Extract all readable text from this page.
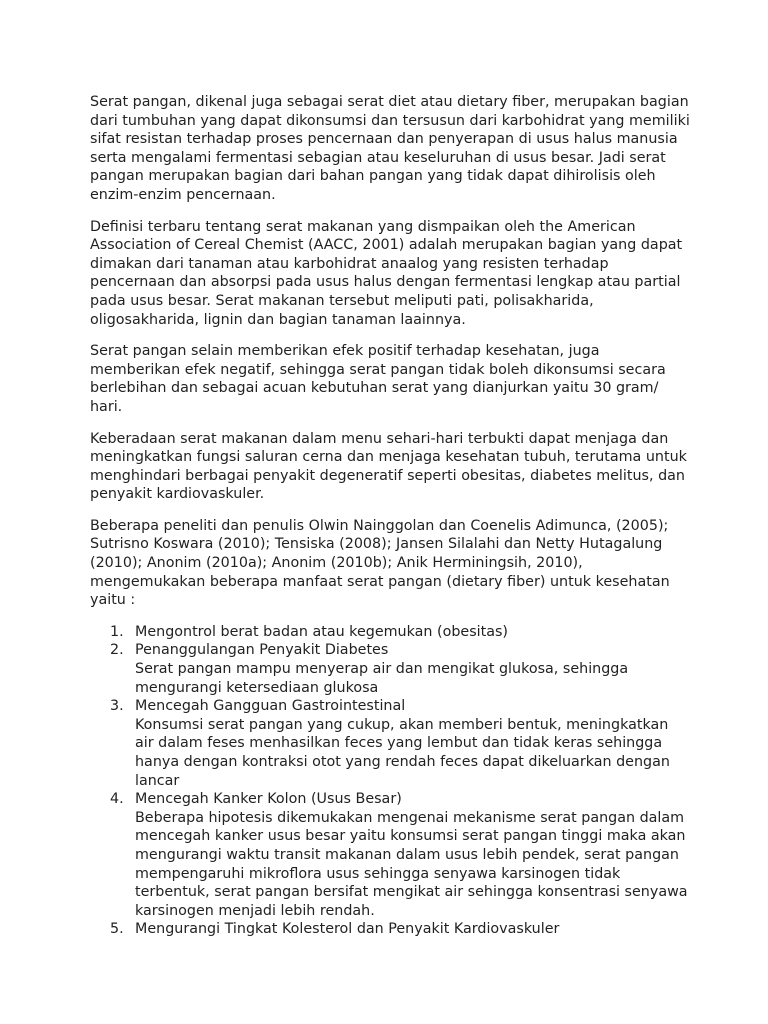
Serat pangan, dikenal juga sebagai serat diet atau dietary fiber, merupakan bagian dari tumbuhan yang dapat dikonsumsi dan tersusun dari karbohidrat yang memiliki sifat resistan terhadap proses pencernaan dan penyerapan di usus halus manusia serta mengalami fermentasi sebagian atau keseluruhan di usus besar. Jadi serat pangan merupakan bagian dari bahan pangan yang tidak dapat dihirolisis oleh enzim-enzim pencernaan.

Definisi terbaru tentang serat makanan yang dismpaikan oleh the American Association of Cereal Chemist (AACC, 2001) adalah merupakan bagian yang dapat dimakan dari tanaman atau karbohidrat anaalog yang resisten terhadap pencernaan dan absorpsi pada usus halus dengan fermentasi lengkap atau partial pada usus besar. Serat makanan tersebut meliputi pati, polisakharida, oligosakharida, lignin dan bagian tanaman laainnya.

Serat pangan selain memberikan efek positif terhadap kesehatan, juga memberikan efek negatif, sehingga serat pangan tidak boleh dikonsumsi secara berlebihan dan sebagai acuan kebutuhan serat yang dianjurkan yaitu 30 gram/ hari.

Keberadaan serat makanan dalam menu sehari-hari terbukti dapat menjaga dan meningkatkan fungsi saluran cerna dan menjaga kesehatan tubuh, terutama untuk menghindari berbagai penyakit degeneratif seperti obesitas, diabetes melitus, dan penyakit kardiovaskuler.

Beberapa peneliti dan penulis Olwin Nainggolan dan Coenelis Adimunca, (2005); Sutrisno Koswara (2010); Tensiska (2008); Jansen Silalahi dan Netty Hutagalung (2010); Anonim (2010a); Anonim (2010b); Anik Herminingsih, 2010), mengemukakan beberapa manfaat serat pangan (dietary fiber) untuk kesehatan yaitu :

1. Mengontrol berat badan atau kegemukan (obesitas)
2. Penanggulangan Penyakit Diabetes
Serat pangan mampu menyerap air dan mengikat glukosa, sehingga mengurangi ketersediaan glukosa
3. Mencegah Gangguan Gastrointestinal
Konsumsi serat pangan yang cukup, akan memberi bentuk, meningkatkan air dalam feses menhasilkan feces yang lembut dan tidak keras sehingga hanya dengan kontraksi otot yang rendah feces dapat dikeluarkan dengan lancar
4. Mencegah Kanker Kolon (Usus Besar)
Beberapa hipotesis dikemukakan mengenai mekanisme serat pangan dalam mencegah kanker usus besar yaitu konsumsi serat pangan tinggi maka akan mengurangi waktu transit makanan dalam usus lebih pendek, serat pangan mempengaruhi mikroflora usus sehingga senyawa karsinogen tidak terbentuk, serat pangan bersifat mengikat air sehingga konsentrasi senyawa karsinogen menjadi lebih rendah.
5. Mengurangi Tingkat Kolesterol dan Penyakit Kardiovaskuler
